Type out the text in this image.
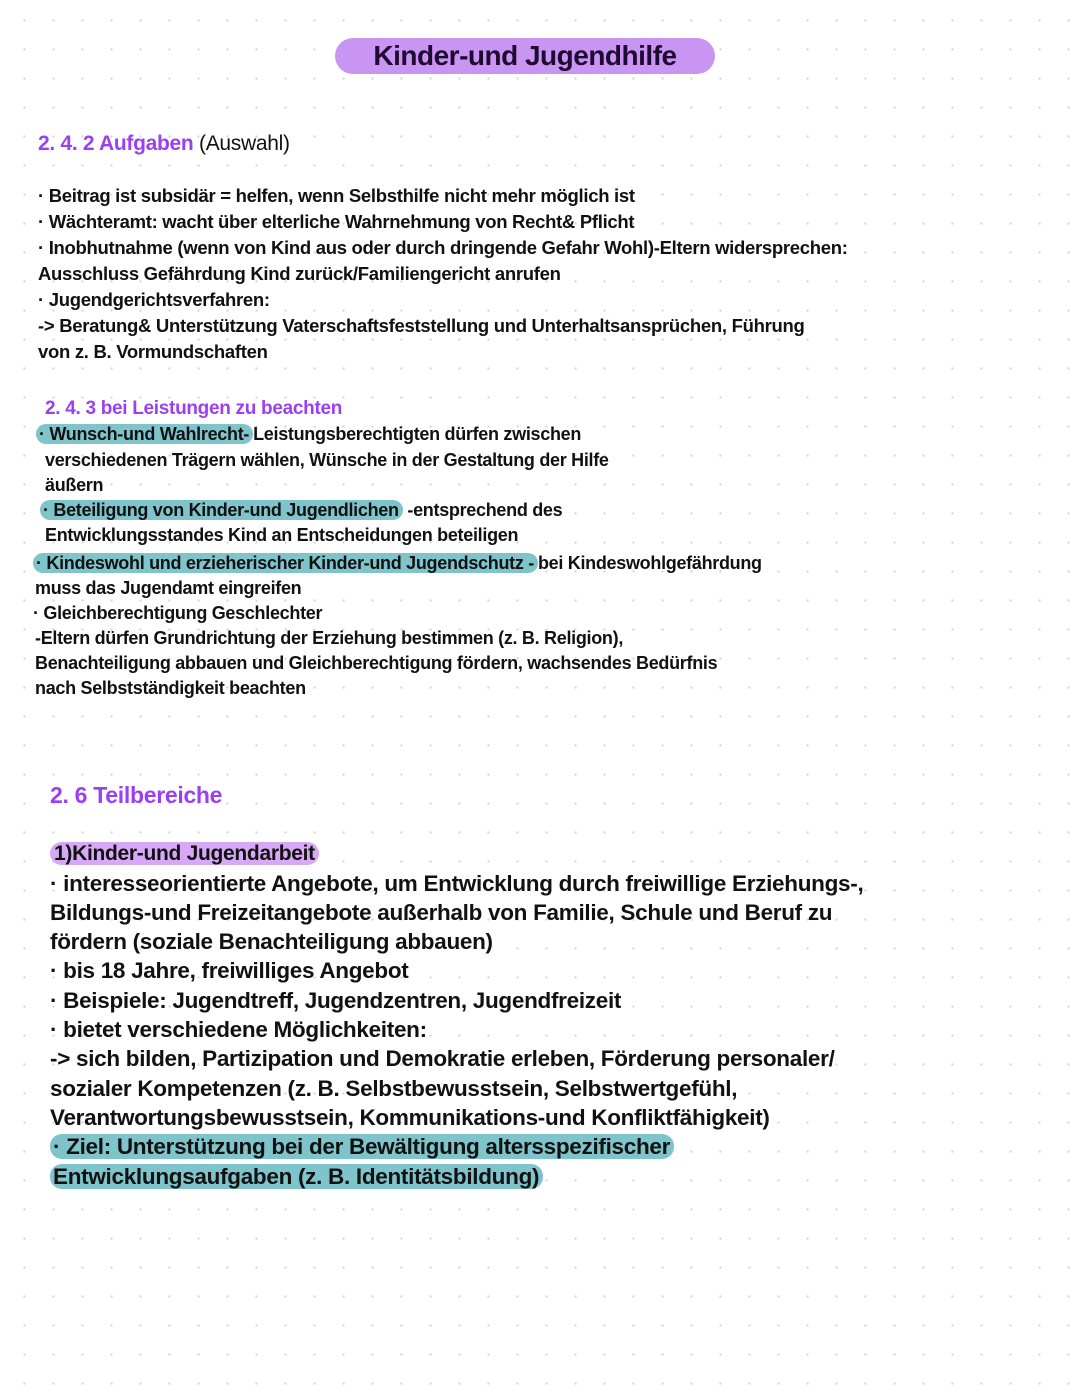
Kinder-und Jugendhilfe
2. 4. 2 Aufgaben (Auswahl)
· Beitrag ist subsidär = helfen, wenn Selbsthilfe nicht mehr möglich ist
· Wächteramt: wacht über elterliche Wahrnehmung von Recht& Pflicht
· Inobhutnahme (wenn von Kind aus oder durch dringende Gefahr Wohl)-Eltern widersprechen:
Ausschluss Gefährdung Kind zurück/Familiengericht anrufen
· Jugendgerichtsverfahren:
-> Beratung& Unterstützung Vaterschaftsfeststellung und Unterhaltsansprüchen, Führung
von z. B. Vormundschaften
2. 4. 3 bei Leistungen zu beachten
· Wunsch-und Wahlrecht- Leistungsberechtigten dürfen zwischen
verschiedenen Trägern wählen, Wünsche in der Gestaltung der Hilfe
äußern
· Beteiligung von Kinder-und Jugendlichen -entsprechend des
Entwicklungsstandes Kind an Entscheidungen beteiligen
· Kindeswohl und erzieherischer Kinder-und Jugendschutz - bei Kindeswohlgefährdung
muss das Jugendamt eingreifen
· Gleichberechtigung Geschlechter
-Eltern dürfen Grundrichtung der Erziehung bestimmen (z. B. Religion),
Benachteiligung abbauen und Gleichberechtigung fördern, wachsendes Bedürfnis
nach Selbstständigkeit beachten
2. 6 Teilbereiche
1)Kinder-und Jugendarbeit
· interesseorientierte Angebote, um Entwicklung durch freiwillige Erziehungs-,
Bildungs-und Freizeitangebote außerhalb von Familie, Schule und Beruf zu
fördern (soziale Benachteiligung abbauen)
· bis 18 Jahre, freiwilliges Angebot
· Beispiele: Jugendtreff, Jugendzentren, Jugendfreizeit
· bietet verschiedene Möglichkeiten:
-> sich bilden, Partizipation und Demokratie erleben, Förderung personaler/
sozialer Kompetenzen (z. B. Selbstbewusstsein, Selbstwertgefühl,
Verantwortungsbewusstsein, Kommunikations-und Konfliktfähigkeit)
· Ziel: Unterstützung bei der Bewältigung altersspezifischer
Entwicklungsaufgaben (z. B. Identitätsbildung)
